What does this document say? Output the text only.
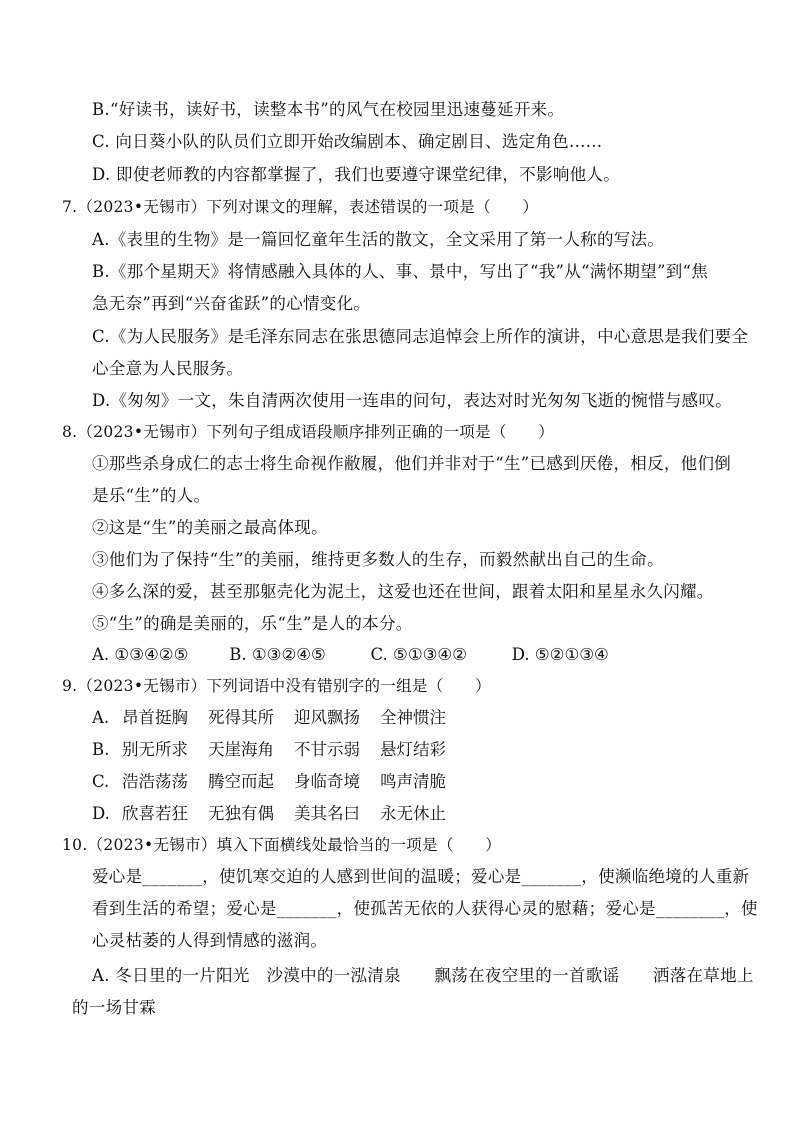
B.“好读书，读好书，读整本书”的风气在校园里迅速蔓延开来。
C. 向日葵小队的队员们立即开始改编剧本、确定剧目、选定角色......
D. 即使老师教的内容都掌握了，我们也要遵守课堂纪律，不影响他人。
7.（2023•无锡市）下列对课文的理解，表述错误的一项是（　　）
A.《表里的生物》是一篇回忆童年生活的散文，全文采用了第一人称的写法。
B.《那个星期天》将情感融入具体的人、事、景中，写出了“我”从“满怀期望”到“焦
急无奈”再到“兴奋雀跃”的心情变化。
C.《为人民服务》是毛泽东同志在张思德同志追悼会上所作的演讲，中心意思是我们要全
心全意为人民服务。
D.《匆匆》一文，朱自清两次使用一连串的问句，表达对时光匆匆飞逝的惋惜与感叹。
8.（2023•无锡市）下列句子组成语段顺序排列正确的一项是（　　）
①那些杀身成仁的志士将生命视作敝履，他们并非对于“生”已感到厌倦，相反，他们倒
是乐“生”的人。
②这是“生”的美丽之最高体现。
③他们为了保持“生”的美丽，维持更多数人的生存，而毅然献出自己的生命。
④多么深的爱，甚至那躯壳化为泥土，这爱也还在世间，跟着太阳和星星永久闪耀。
⑤“生”的确是美丽的，乐“生”是人的本分。
A. ①③④②⑤ B. ①③②④⑤	C. ⑤①③④②	D. ⑤②①③④
9.（2023•无锡市）下列词语中没有错别字的一组是（　　）
A. 昂首挺胸 死得其所 迎风飘扬 全神惯注
B. 别无所求 天崖海角 不甘示弱 悬灯结彩
C. 浩浩荡荡 腾空而起 身临奇境 鸣声清脆
D. 欣喜若狂 无独有偶 美其名曰 永无休止
10.（2023•无锡市）填入下面横线处最恰当的一项是（　　）
爱心是_______，使饥寒交迫的人感到世间的温暖；爱心是_______，使濒临绝境的人重新
看到生活的希望；爱心是_______，使孤苦无依的人获得心灵的慰藉；爱心是________，使
心灵枯萎的人得到情感的滋润。
A. 冬日里的一片阳光　沙漠中的一泓清泉　　飘荡在夜空里的一首歌谣　　洒落在草地上
的一场甘霖
